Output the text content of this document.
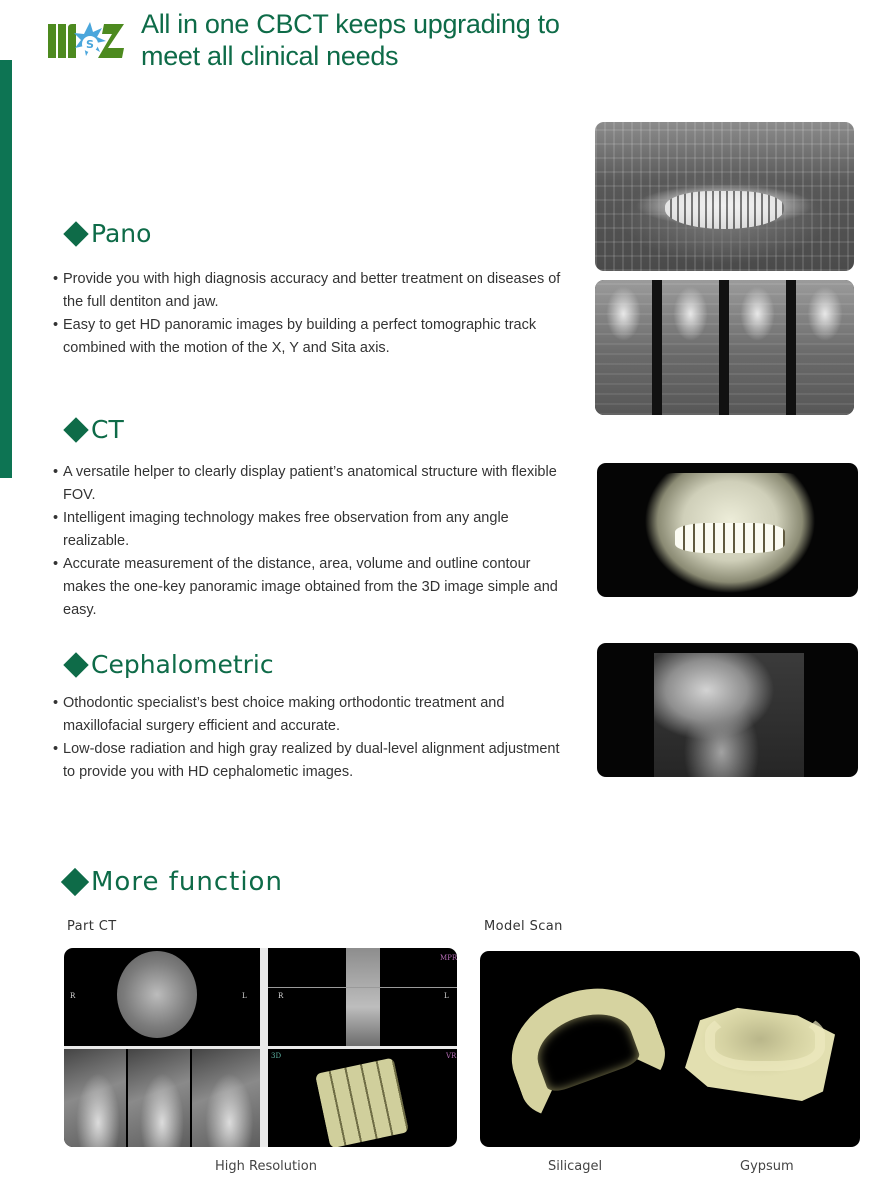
S
All in one CBCT keeps upgrading to
meet all clinical needs
Pano
• Provide you with high diagnosis accuracy and better treatment on diseases of the full dentiton and jaw.
• Easy to get HD panoramic images by building a perfect tomographic track combined with the motion of the X, Y and Sita axis.
CT
• A versatile helper to clearly display patient’s anatomical structure with flexible FOV.
• Intelligent imaging technology makes free observation from any angle realizable.
• Accurate measurement of the distance, area, volume and outline contour makes the one-key panoramic image obtained from the 3D image simple and easy.
Cephalometric
• Othodontic specialist’s best choice making orthodontic treatment and maxillofacial surgery efficient and accurate.
• Low-dose radiation and high gray realized by dual-level alignment adjustment to provide you with HD cephalometic images.
More function
Part CT	Model Scan
R	L	R	L
MPR
3D	VR
High Resolution	Silicagel	Gypsum
